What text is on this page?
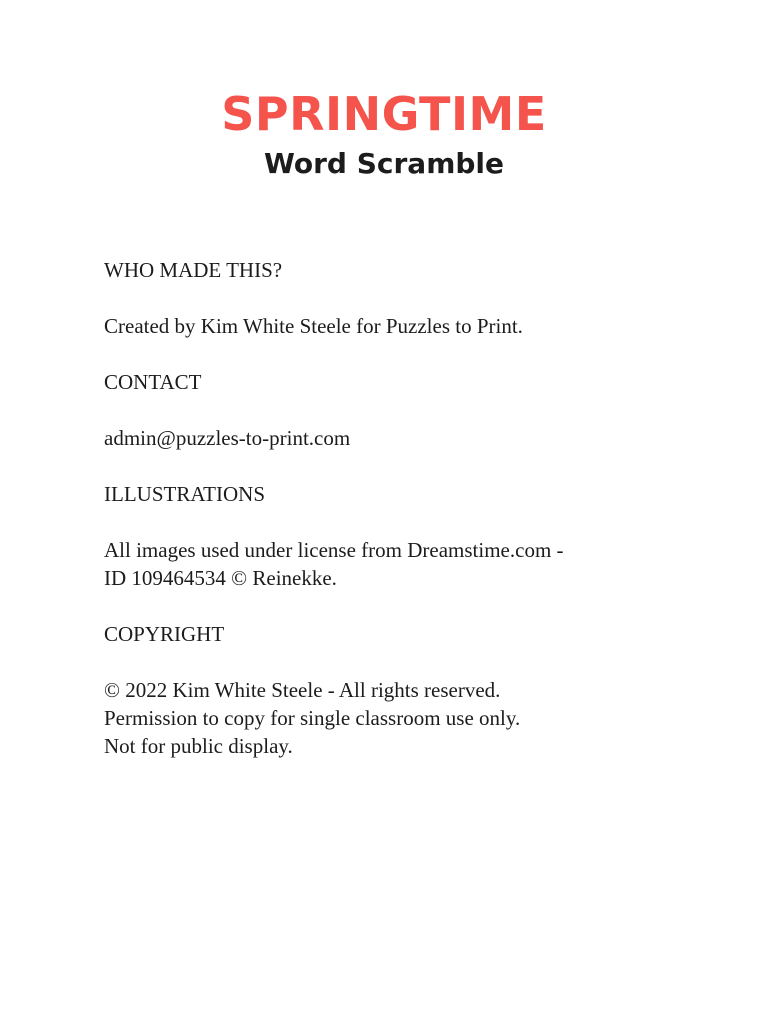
SPRINGTIME
Word Scramble

WHO MADE THIS?

Created by Kim White Steele for Puzzles to Print.

CONTACT

admin@puzzles-to-print.com

ILLUSTRATIONS

All images used under license from Dreamstime.com -

ID 109464534 © Reinekke.

COPYRIGHT

© 2022 Kim White Steele - All rights reserved.

Permission to copy for single classroom use only.

Not for public display.
